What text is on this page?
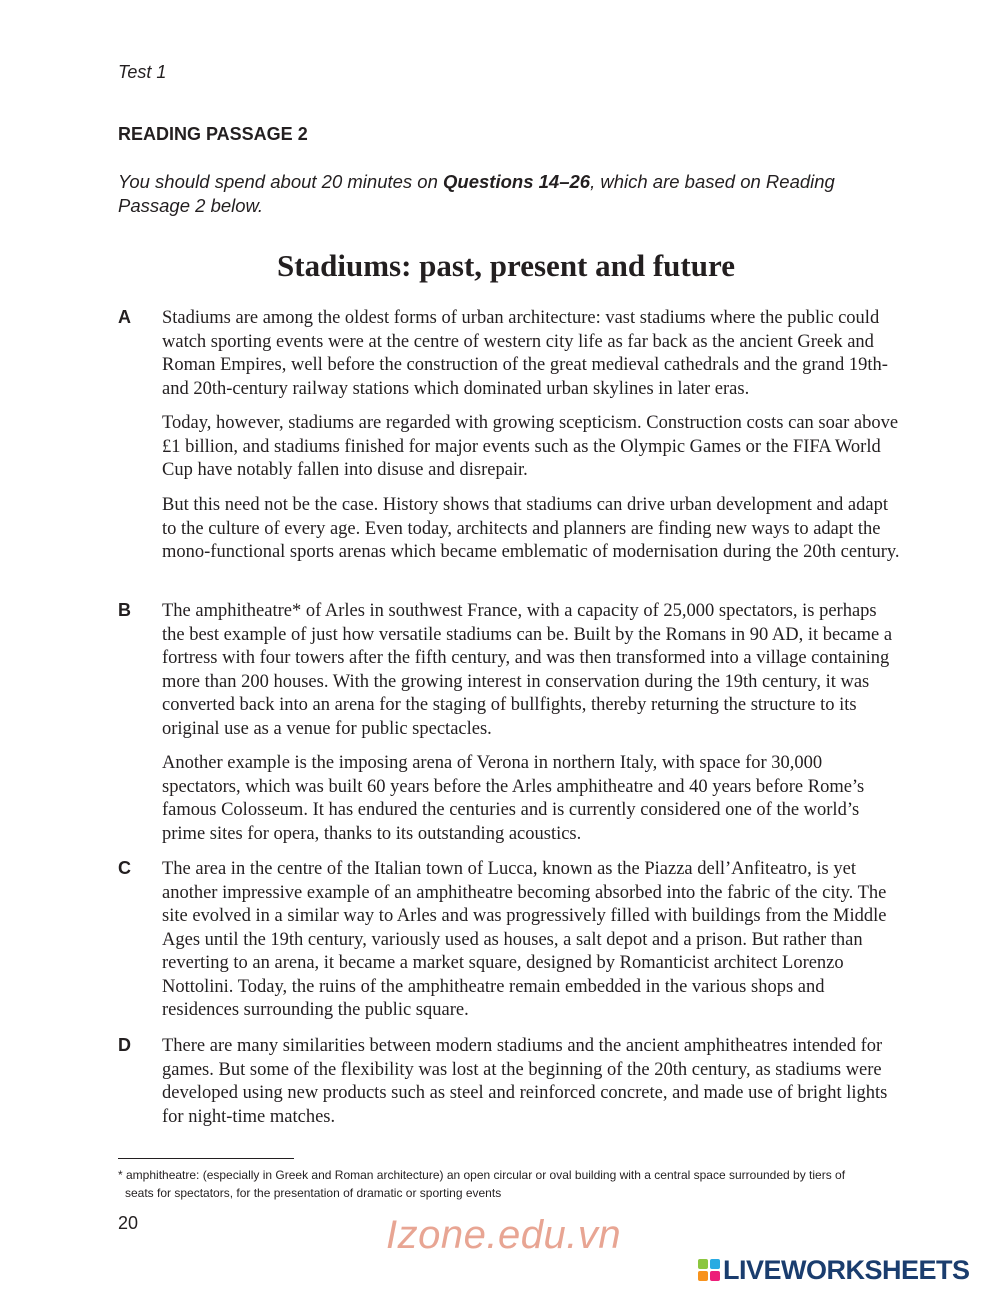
Test 1
READING PASSAGE 2
You should spend about 20 minutes on Questions 14–26, which are based on Reading Passage 2 below.
Stadiums: past, present and future
A Stadiums are among the oldest forms of urban architecture: vast stadiums where the public could watch sporting events were at the centre of western city life as far back as the ancient Greek and Roman Empires, well before the construction of the great medieval cathedrals and the grand 19th- and 20th-century railway stations which dominated urban skylines in later eras.

Today, however, stadiums are regarded with growing scepticism. Construction costs can soar above £1 billion, and stadiums finished for major events such as the Olympic Games or the FIFA World Cup have notably fallen into disuse and disrepair.

But this need not be the case. History shows that stadiums can drive urban development and adapt to the culture of every age. Even today, architects and planners are finding new ways to adapt the mono-functional sports arenas which became emblematic of modernisation during the 20th century.

B The amphitheatre* of Arles in southwest France, with a capacity of 25,000 spectators, is perhaps the best example of just how versatile stadiums can be. Built by the Romans in 90 AD, it became a fortress with four towers after the fifth century, and was then transformed into a village containing more than 200 houses. With the growing interest in conservation during the 19th century, it was converted back into an arena for the staging of bullfights, thereby returning the structure to its original use as a venue for public spectacles.

Another example is the imposing arena of Verona in northern Italy, with space for 30,000 spectators, which was built 60 years before the Arles amphitheatre and 40 years before Rome’s famous Colosseum. It has endured the centuries and is currently considered one of the world’s prime sites for opera, thanks to its outstanding acoustics.

C The area in the centre of the Italian town of Lucca, known as the Piazza dell’Anfiteatro, is yet another impressive example of an amphitheatre becoming absorbed into the fabric of the city. The site evolved in a similar way to Arles and was progressively filled with buildings from the Middle Ages until the 19th century, variously used as houses, a salt depot and a prison. But rather than reverting to an arena, it became a market square, designed by Romanticist architect Lorenzo Nottolini. Today, the ruins of the amphitheatre remain embedded in the various shops and residences surrounding the public square.

D There are many similarities between modern stadiums and the ancient amphitheatres intended for games. But some of the flexibility was lost at the beginning of the 20th century, as stadiums were developed using new products such as steel and reinforced concrete, and made use of bright lights for night-time matches.

* amphitheatre: (especially in Greek and Roman architecture) an open circular or oval building with a central space surrounded by tiers of
seats for spectators, for the presentation of dramatic or sporting events
20	Izone.edu.vn
LIVEWORKSHEETS
